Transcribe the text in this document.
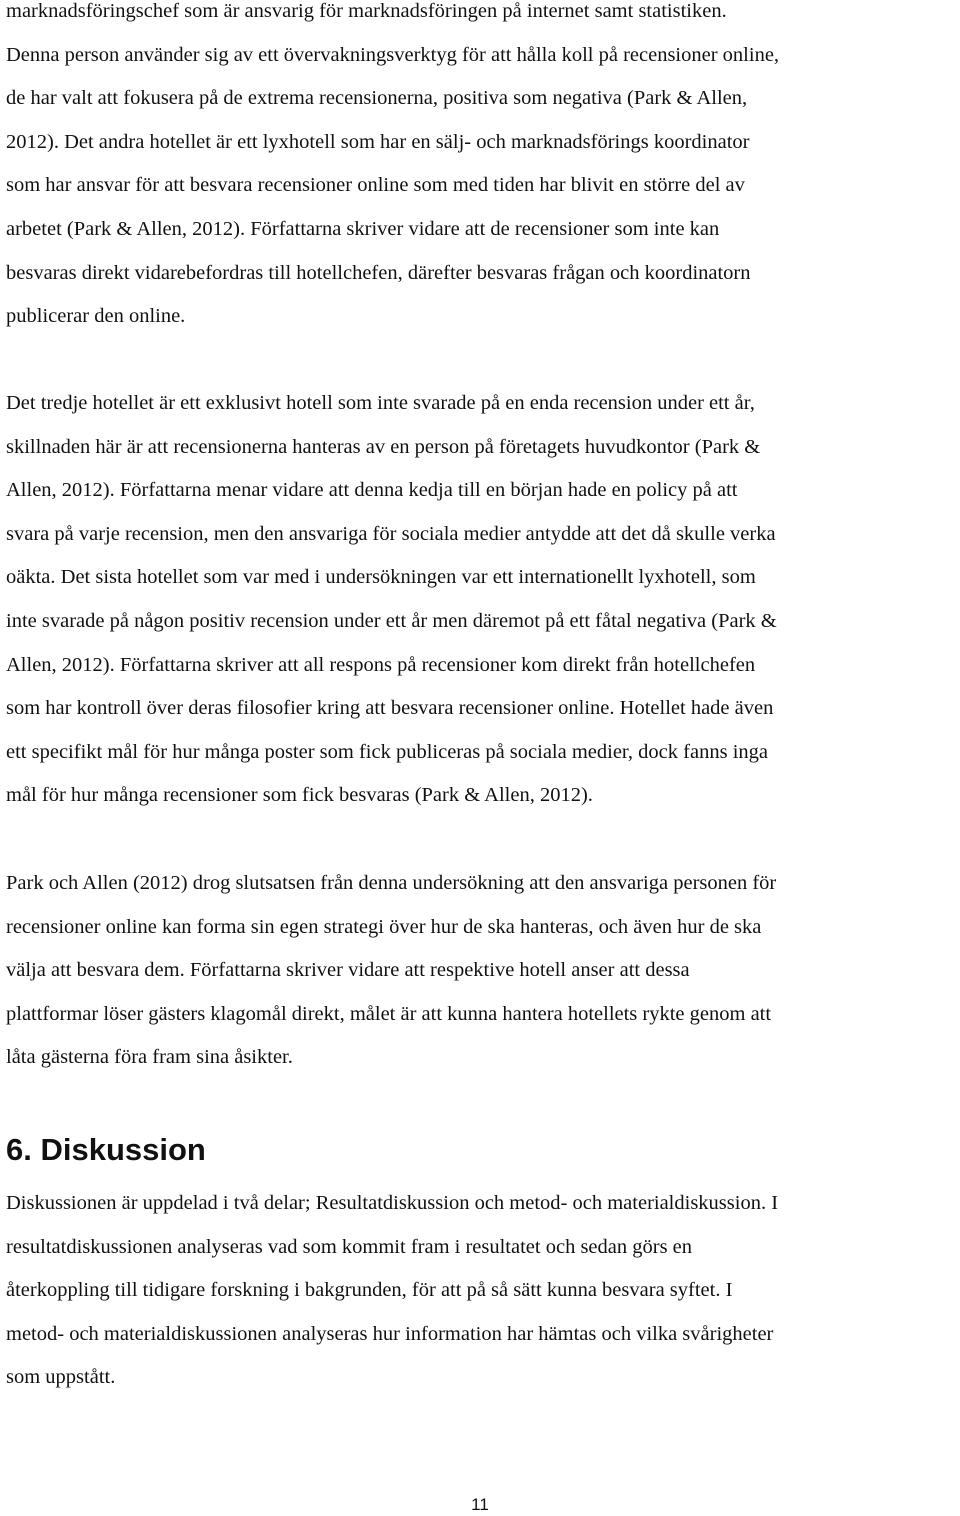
marknadsföringschef som är ansvarig för marknadsföringen på internet samt statistiken.
Denna person använder sig av ett övervakningsverktyg för att hålla koll på recensioner online,
de har valt att fokusera på de extrema recensionerna, positiva som negativa (Park & Allen,
2012). Det andra hotellet är ett lyxhotell som har en sälj- och marknadsförings koordinator
som har ansvar för att besvara recensioner online som med tiden har blivit en större del av
arbetet (Park & Allen, 2012). Författarna skriver vidare att de recensioner som inte kan
besvaras direkt vidarebefordras till hotellchefen, därefter besvaras frågan och koordinatorn
publicerar den online.

Det tredje hotellet är ett exklusivt hotell som inte svarade på en enda recension under ett år,
skillnaden här är att recensionerna hanteras av en person på företagets huvudkontor (Park &
Allen, 2012). Författarna menar vidare att denna kedja till en början hade en policy på att
svara på varje recension, men den ansvariga för sociala medier antydde att det då skulle verka
oäkta. Det sista hotellet som var med i undersökningen var ett internationellt lyxhotell, som
inte svarade på någon positiv recension under ett år men däremot på ett fåtal negativa (Park &
Allen, 2012). Författarna skriver att all respons på recensioner kom direkt från hotellchefen
som har kontroll över deras filosofier kring att besvara recensioner online. Hotellet hade även
ett specifikt mål för hur många poster som fick publiceras på sociala medier, dock fanns inga
mål för hur många recensioner som fick besvaras (Park & Allen, 2012).

Park och Allen (2012) drog slutsatsen från denna undersökning att den ansvariga personen för
recensioner online kan forma sin egen strategi över hur de ska hanteras, och även hur de ska
välja att besvara dem. Författarna skriver vidare att respektive hotell anser att dessa
plattformar löser gästers klagomål direkt, målet är att kunna hantera hotellets rykte genom att
låta gästerna föra fram sina åsikter.

6. Diskussion

Diskussionen är uppdelad i två delar; Resultatdiskussion och metod- och materialdiskussion. I
resultatdiskussionen analyseras vad som kommit fram i resultatet och sedan görs en
återkoppling till tidigare forskning i bakgrunden, för att på så sätt kunna besvara syftet. I
metod- och materialdiskussionen analyseras hur information har hämtas och vilka svårigheter
som uppstått.

11
